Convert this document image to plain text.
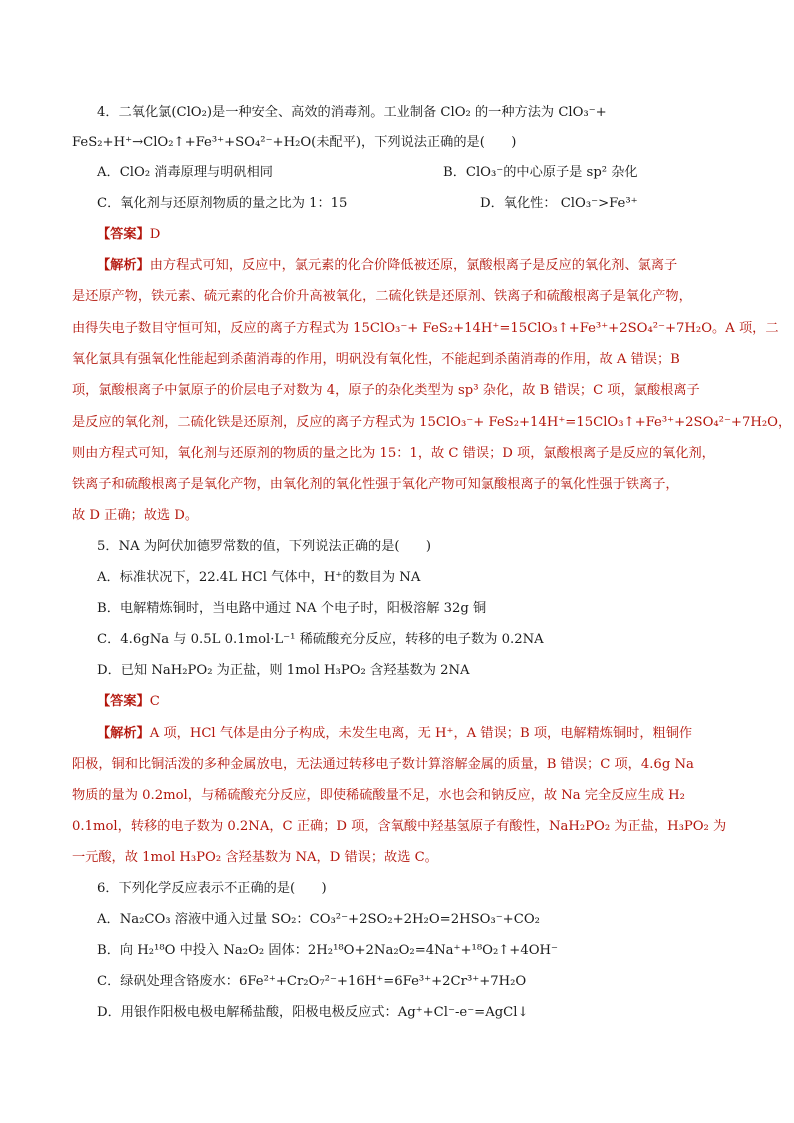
4．二氧化氯(ClO₂)是一种安全、高效的消毒剂。工业制备 ClO₂ 的一种方法为 ClO₃⁻+
FeS₂+H⁺→ClO₂↑+Fe³⁺+SO₄²⁻+H₂O(未配平)，下列说法正确的是(　　)
A．ClO₂ 消毒原理与明矾相同	B．ClO₃⁻的中心原子是 sp² 杂化
C．氧化剂与还原剂物质的量之比为 1：15	D．氧化性： ClO₃⁻>Fe³⁺
【答案】D
【解析】由方程式可知，反应中，氯元素的化合价降低被还原，氯酸根离子是反应的氧化剂、氯离子
是还原产物，铁元素、硫元素的化合价升高被氧化，二硫化铁是还原剂、铁离子和硫酸根离子是氧化产物，
由得失电子数目守恒可知，反应的离子方程式为 15ClO₃⁻+ FeS₂+14H⁺=15ClO₃↑+Fe³⁺+2SO₄²⁻+7H₂O。A 项，二
氧化氯具有强氧化性能起到杀菌消毒的作用，明矾没有氧化性，不能起到杀菌消毒的作用，故 A 错误；B
项，氯酸根离子中氯原子的价层电子对数为 4，原子的杂化类型为 sp³ 杂化，故 B 错误；C 项，氯酸根离子
是反应的氧化剂，二硫化铁是还原剂，反应的离子方程式为 15ClO₃⁻+ FeS₂+14H⁺=15ClO₃↑+Fe³⁺+2SO₄²⁻+7H₂O，
则由方程式可知，氧化剂与还原剂的物质的量之比为 15：1，故 C 错误；D 项，氯酸根离子是反应的氧化剂，
铁离子和硫酸根离子是氧化产物，由氧化剂的氧化性强于氧化产物可知氯酸根离子的氧化性强于铁离子，
故 D 正确；故选 D。
5．NA 为阿伏加德罗常数的值，下列说法正确的是(　　)
A．标准状况下，22.4L HCl 气体中，H⁺的数目为 NA
B．电解精炼铜时，当电路中通过 NA 个电子时，阳极溶解 32g 铜
C．4.6gNa 与 0.5L 0.1mol·L⁻¹ 稀硫酸充分反应，转移的电子数为 0.2NA
D．已知 NaH₂PO₂ 为正盐，则 1mol H₃PO₂ 含羟基数为 2NA
【答案】C
【解析】A 项，HCl 气体是由分子构成，未发生电离，无 H⁺，A 错误；B 项，电解精炼铜时，粗铜作
阳极，铜和比铜活泼的多种金属放电，无法通过转移电子数计算溶解金属的质量，B 错误；C 项，4.6g Na
物质的量为 0.2mol，与稀硫酸充分反应，即使稀硫酸量不足，水也会和钠反应，故 Na 完全反应生成 H₂
0.1mol，转移的电子数为 0.2NA，C 正确；D 项，含氧酸中羟基氢原子有酸性，NaH₂PO₂ 为正盐，H₃PO₂ 为
一元酸，故 1mol H₃PO₂ 含羟基数为 NA，D 错误；故选 C。
6．下列化学反应表示不正确的是(　　)
A．Na₂CO₃ 溶液中通入过量 SO₂：CO₃²⁻+2SO₂+2H₂O=2HSO₃⁻+CO₂
B．向 H₂¹⁸O 中投入 Na₂O₂ 固体：2H₂¹⁸O+2Na₂O₂=4Na⁺+¹⁸O₂↑+4OH⁻
C．绿矾处理含铬废水：6Fe²⁺+Cr₂O₇²⁻+16H⁺=6Fe³⁺+2Cr³⁺+7H₂O
D．用银作阳极电极电解稀盐酸，阳极电极反应式：Ag⁺+Cl⁻-e⁻=AgCl↓
